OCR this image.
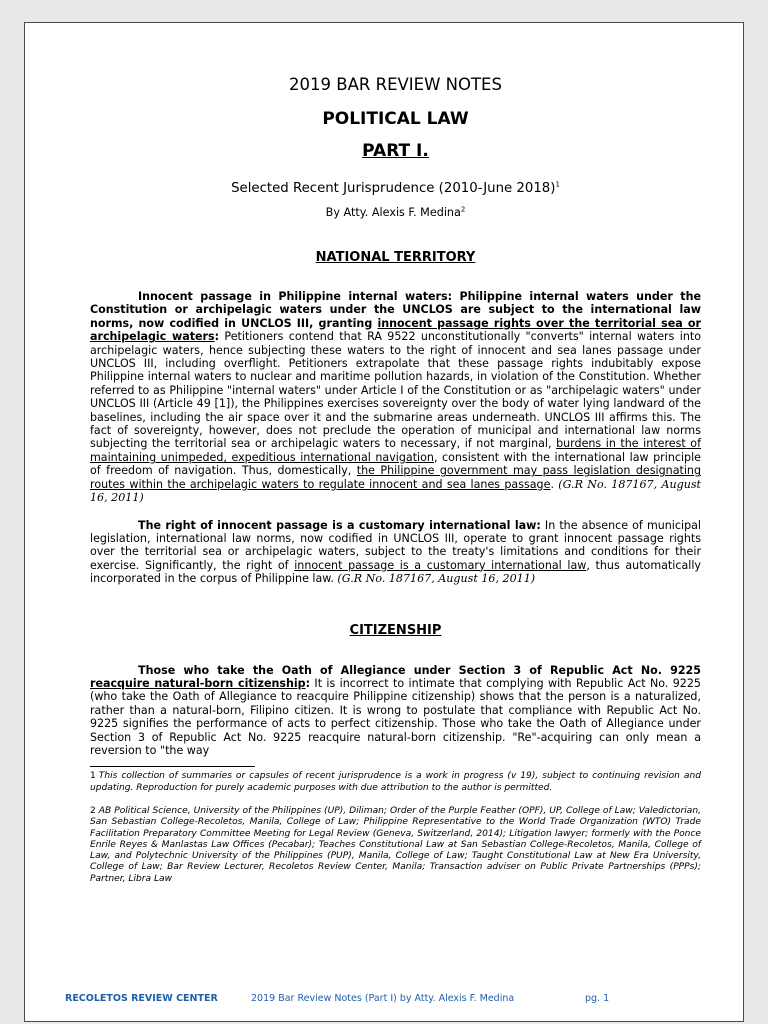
2019 BAR REVIEW NOTES
POLITICAL LAW
PART I.
Selected Recent Jurisprudence (2010-June 2018)$^1$
By Atty. Alexis F. Medina$^2$
NATIONAL TERRITORY

Innocent passage in Philippine internal waters: Philippine internal waters under the Constitution or archipelagic waters under the UNCLOS are subject to the international law norms, now codified in UNCLOS III, granting innocent passage rights over the territorial sea or archipelagic waters: Petitioners contend that RA 9522 unconstitutionally "converts" internal waters into archipelagic waters, hence subjecting these waters to the right of innocent and sea lanes passage under UNCLOS III, including overflight. Petitioners extrapolate that these passage rights indubitably expose Philippine internal waters to nuclear and maritime pollution hazards, in violation of the Constitution. Whether referred to as Philippine "internal waters" under Article I of the Constitution or as "archipelagic waters" under UNCLOS III (Article 49 [1]), the Philippines exercises sovereignty over the body of water lying landward of the baselines, including the air space over it and the submarine areas underneath. UNCLOS III affirms this. The fact of sovereignty, however, does not preclude the operation of municipal and international law norms subjecting the territorial sea or archipelagic waters to necessary, if not marginal, burdens in the interest of maintaining unimpeded, expeditious international navigation, consistent with the international law principle of freedom of navigation. Thus, domestically, the Philippine government may pass legislation designating routes within the archipelagic waters to regulate innocent and sea lanes passage. (G.R No. 187167, August 16, 2011)

The right of innocent passage is a customary international law: In the absence of municipal legislation, international law norms, now codified in UNCLOS III, operate to grant innocent passage rights over the territorial sea or archipelagic waters, subject to the treaty's limitations and conditions for their exercise. Significantly, the right of innocent passage is a customary international law, thus automatically incorporated in the corpus of Philippine law. (G.R No. 187167, August 16, 2011)

CITIZENSHIP

Those who take the Oath of Allegiance under Section 3 of Republic Act No. 9225 reacquire natural-born citizenship: It is incorrect to intimate that complying with Republic Act No. 9225 (who take the Oath of Allegiance to reacquire Philippine citizenship) shows that the person is a naturalized, rather than a natural-born, Filipino citizen. It is wrong to postulate that compliance with Republic Act No. 9225 signifies the performance of acts to perfect citizenship. Those who take the Oath of Allegiance under Section 3 of Republic Act No. 9225 reacquire natural-born citizenship. "Re"-acquiring can only mean a reversion to "the way

1 This collection of summaries or capsules of recent jurisprudence is a work in progress (v 19), subject to continuing revision and updating. Reproduction for purely academic purposes with due attribution to the author is permitted.

2 AB Political Science, University of the Philippines (UP), Diliman; Order of the Purple Feather (OPF), UP, College of Law; Valedictorian, San Sebastian College-Recoletos, Manila, College of Law; Philippine Representative to the World Trade Organization (WTO) Trade Facilitation Preparatory Committee Meeting for Legal Review (Geneva, Switzerland, 2014); Litigation lawyer; formerly with the Ponce Enrile Reyes & Manlastas Law Offices (Pecabar); Teaches Constitutional Law at San Sebastian College-Recoletos, Manila, College of Law, and Polytechnic University of the Philippines (PUP), Manila, College of Law; Taught Constitutional Law at New Era University, College of Law; Bar Review Lecturer, Recoletos Review Center, Manila; Transaction adviser on Public Private Partnerships (PPPs); Partner, Libra Law

RECOLETOS REVIEW CENTER	2019 Bar Review Notes (Part I) by Atty. Alexis F. Medina	pg. 1
